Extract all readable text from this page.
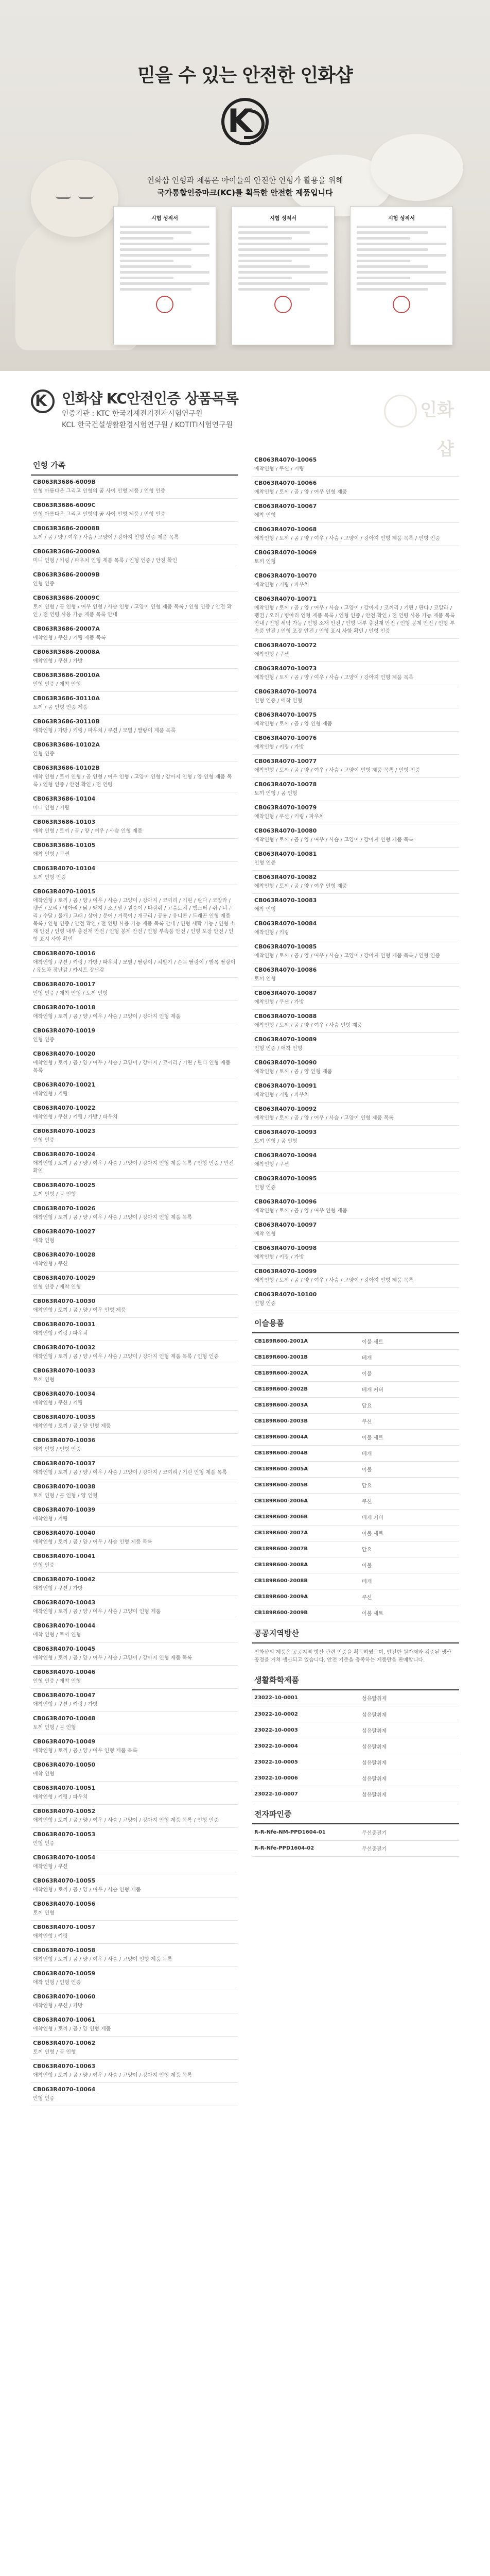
믿을 수 있는 안전한 인화샵
K
인화샵 인형과 제품은 아이들의 안전한 인형가 활용을 위해
국가통합인증마크(KC)를 획득한 안전한 제품입니다
시험 성적서	시험 성적서	시험 성적서
K
인화샵 KC안전인증 상품목록
인증기관 : KTC 한국기계전기전자시험연구원
KCL 한국건설생활환경시험연구원 / KOTITI시험연구원
인화샵
인형 가족
CB063R3686-6009B
인형 아름다운 그리고 인형의 꿈 사이 인형 제품 / 인형 인증
CB063R3686-6009C
인형 아름다운 그리고 인형의 꿈 사이 인형 제품 / 인형 인증
CB063R3686-20008B
토끼 / 곰 / 양 / 여우 / 사슴 / 고양이 / 강아지 인형 인증 제품 목록
CB063R3686-20009A
미니 인형 / 키링 / 파우치 인형 제품 목록 / 인형 인증 / 안전 확인
CB063R3686-20009B
인형 인증
CB063R3686-20009C
토끼 인형 / 곰 인형 / 여우 인형 / 사슴 인형 / 고양이 인형 제품 목록 / 인형 인증 / 안전 확인 / 전 연령 사용 가능 제품 목록 안내
CB063R3686-20007A
애착인형 / 쿠션 / 키링 제품 목록
CB063R3686-20008A
애착인형 / 쿠션 / 가방
CB063R3686-20010A
인형 인증 / 애착 인형
CB063R3686-30110A
토끼 / 곰 인형 인증 제품
CB063R3686-30110B
애착인형 / 가방 / 키링 / 파우치 / 쿠션 / 모빌 / 딸랑이 제품 목록
CB063R3686-10102A
인형 인증
CB063R3686-10102B
애착 인형 / 토끼 인형 / 곰 인형 / 여우 인형 / 고양이 인형 / 강아지 인형 / 양 인형 제품 목록 / 인형 인증 / 안전 확인 / 전 연령
CB063R3686-10104
미니 인형 / 키링
CB063R3686-10103
애착 인형 / 토끼 / 곰 / 양 / 여우 / 사슴 인형 제품
CB063R3686-10105
애착 인형 / 쿠션
CB063R4070-10104
토끼 인형 인증
CB063R4070-10015
애착인형 / 토끼 / 곰 / 양 / 여우 / 사슴 / 고양이 / 강아지 / 코끼리 / 기린 / 판다 / 코알라 / 펭귄 / 오리 / 병아리 / 닭 / 돼지 / 소 / 말 / 원숭이 / 다람쥐 / 고슴도치 / 햄스터 / 쥐 / 너구리 / 수달 / 물개 / 고래 / 상어 / 문어 / 거북이 / 개구리 / 공룡 / 유니콘 / 드래곤 인형 제품 목록 / 인형 인증 / 안전 확인 / 전 연령 사용 가능 제품 목록 안내 / 인형 세탁 가능 / 인형 소재 안전 / 인형 내부 충전재 안전 / 인형 봉제 안전 / 인형 부속품 안전 / 인형 포장 안전 / 인형 표시 사항 확인
CB063R4070-10016
애착인형 / 쿠션 / 키링 / 가방 / 파우치 / 모빌 / 딸랑이 / 치발기 / 손목 딸랑이 / 발목 딸랑이 / 유모차 장난감 / 카시트 장난감
CB063R4070-10017
인형 인증 / 애착 인형 / 토끼 인형
CB063R4070-10018
애착인형 / 토끼 / 곰 / 양 / 여우 / 사슴 / 고양이 / 강아지 인형 제품
CB063R4070-10019
인형 인증
CB063R4070-10020
애착인형 / 토끼 / 곰 / 양 / 여우 / 사슴 / 고양이 / 강아지 / 코끼리 / 기린 / 판다 인형 제품 목록
CB063R4070-10021
애착인형 / 키링
CB063R4070-10022
애착인형 / 쿠션 / 키링 / 가방 / 파우치
CB063R4070-10023
인형 인증
CB063R4070-10024
애착인형 / 토끼 / 곰 / 양 / 여우 / 사슴 / 고양이 / 강아지 인형 제품 목록 / 인형 인증 / 안전 확인
CB063R4070-10025
토끼 인형 / 곰 인형
CB063R4070-10026
애착인형 / 토끼 / 곰 / 양 / 여우 / 사슴 / 고양이 / 강아지 인형 제품 목록
CB063R4070-10027
애착 인형
CB063R4070-10028
애착인형 / 쿠션
CB063R4070-10029
인형 인증 / 애착 인형
CB063R4070-10030
애착인형 / 토끼 / 곰 / 양 / 여우 인형 제품
CB063R4070-10031
애착인형 / 키링 / 파우치
CB063R4070-10032
애착인형 / 토끼 / 곰 / 양 / 여우 / 사슴 / 고양이 / 강아지 인형 제품 목록 / 인형 인증
CB063R4070-10033
토끼 인형
CB063R4070-10034
애착인형 / 쿠션 / 키링
CB063R4070-10035
애착인형 / 토끼 / 곰 / 양 인형 제품
CB063R4070-10036
애착 인형 / 인형 인증
CB063R4070-10037
애착인형 / 토끼 / 곰 / 양 / 여우 / 사슴 / 고양이 / 강아지 / 코끼리 / 기린 인형 제품 목록
CB063R4070-10038
토끼 인형 / 곰 인형 / 양 인형
CB063R4070-10039
애착인형 / 키링
CB063R4070-10040
애착인형 / 토끼 / 곰 / 양 / 여우 / 사슴 인형 제품 목록
CB063R4070-10041
인형 인증
CB063R4070-10042
애착인형 / 쿠션 / 가방
CB063R4070-10043
애착인형 / 토끼 / 곰 / 양 / 여우 / 사슴 / 고양이 인형 제품
CB063R4070-10044
애착 인형 / 토끼 인형
CB063R4070-10045
애착인형 / 토끼 / 곰 / 양 / 여우 / 사슴 / 고양이 / 강아지 인형 제품 목록
CB063R4070-10046
인형 인증 / 애착 인형
CB063R4070-10047
애착인형 / 쿠션 / 키링 / 가방
CB063R4070-10048
토끼 인형 / 곰 인형
CB063R4070-10049
애착인형 / 토끼 / 곰 / 양 / 여우 인형 제품 목록
CB063R4070-10050
애착 인형
CB063R4070-10051
애착인형 / 키링 / 파우치
CB063R4070-10052
애착인형 / 토끼 / 곰 / 양 / 여우 / 사슴 / 고양이 / 강아지 인형 제품 목록 / 인형 인증
CB063R4070-10053
인형 인증
CB063R4070-10054
애착인형 / 쿠션
CB063R4070-10055
애착인형 / 토끼 / 곰 / 양 / 여우 / 사슴 인형 제품
CB063R4070-10056
토끼 인형
CB063R4070-10057
애착인형 / 키링
CB063R4070-10058
애착인형 / 토끼 / 곰 / 양 / 여우 / 사슴 / 고양이 인형 제품 목록
CB063R4070-10059
애착 인형 / 인형 인증
CB063R4070-10060
애착인형 / 쿠션 / 가방
CB063R4070-10061
애착인형 / 토끼 / 곰 / 양 인형 제품
CB063R4070-10062
토끼 인형 / 곰 인형
CB063R4070-10063
애착인형 / 토끼 / 곰 / 양 / 여우 / 사슴 / 고양이 / 강아지 인형 제품 목록
CB063R4070-10064
인형 인증
CB063R4070-10065
애착인형 / 쿠션 / 키링
CB063R4070-10066
애착인형 / 토끼 / 곰 / 양 / 여우 인형 제품
CB063R4070-10067
애착 인형
CB063R4070-10068
애착인형 / 토끼 / 곰 / 양 / 여우 / 사슴 / 고양이 / 강아지 인형 제품 목록 / 인형 인증
CB063R4070-10069
토끼 인형
CB063R4070-10070
애착인형 / 키링 / 파우치
CB063R4070-10071
애착인형 / 토끼 / 곰 / 양 / 여우 / 사슴 / 고양이 / 강아지 / 코끼리 / 기린 / 판다 / 코알라 / 펭귄 / 오리 / 병아리 인형 제품 목록 / 인형 인증 / 안전 확인 / 전 연령 사용 가능 제품 목록 안내 / 인형 세탁 가능 / 인형 소재 안전 / 인형 내부 충전재 안전 / 인형 봉제 안전 / 인형 부속품 안전 / 인형 포장 안전 / 인형 표시 사항 확인 / 인형 인증
CB063R4070-10072
애착인형 / 쿠션
CB063R4070-10073
애착인형 / 토끼 / 곰 / 양 / 여우 / 사슴 / 고양이 / 강아지 인형 제품 목록
CB063R4070-10074
인형 인증 / 애착 인형
CB063R4070-10075
애착인형 / 토끼 / 곰 / 양 인형 제품
CB063R4070-10076
애착인형 / 키링 / 가방
CB063R4070-10077
애착인형 / 토끼 / 곰 / 양 / 여우 / 사슴 / 고양이 인형 제품 목록 / 인형 인증
CB063R4070-10078
토끼 인형 / 곰 인형
CB063R4070-10079
애착인형 / 쿠션 / 키링 / 파우치
CB063R4070-10080
애착인형 / 토끼 / 곰 / 양 / 여우 / 사슴 / 고양이 / 강아지 인형 제품 목록
CB063R4070-10081
인형 인증
CB063R4070-10082
애착인형 / 토끼 / 곰 / 양 / 여우 인형 제품
CB063R4070-10083
애착 인형
CB063R4070-10084
애착인형 / 키링
CB063R4070-10085
애착인형 / 토끼 / 곰 / 양 / 여우 / 사슴 / 고양이 / 강아지 인형 제품 목록 / 인형 인증
CB063R4070-10086
토끼 인형
CB063R4070-10087
애착인형 / 쿠션 / 가방
CB063R4070-10088
애착인형 / 토끼 / 곰 / 양 / 여우 / 사슴 인형 제품
CB063R4070-10089
인형 인증 / 애착 인형
CB063R4070-10090
애착인형 / 토끼 / 곰 / 양 인형 제품
CB063R4070-10091
애착인형 / 키링 / 파우치
CB063R4070-10092
애착인형 / 토끼 / 곰 / 양 / 여우 / 사슴 / 고양이 인형 제품 목록
CB063R4070-10093
토끼 인형 / 곰 인형
CB063R4070-10094
애착인형 / 쿠션
CB063R4070-10095
인형 인증
CB063R4070-10096
애착인형 / 토끼 / 곰 / 양 / 여우 인형 제품
CB063R4070-10097
애착 인형
CB063R4070-10098
애착인형 / 키링 / 가방
CB063R4070-10099
애착인형 / 토끼 / 곰 / 양 / 여우 / 사슴 / 고양이 / 강아지 인형 제품 목록
CB063R4070-10100
인형 인증
이슬용품
CB189R600-2001A	이불 세트
CB189R600-2001B	베개
CB189R600-2002A	이불
CB189R600-2002B	베개 커버
CB189R600-2003A	담요
CB189R600-2003B	쿠션
CB189R600-2004A	이불 세트
CB189R600-2004B	베개
CB189R600-2005A	이불
CB189R600-2005B	담요
CB189R600-2006A	쿠션
CB189R600-2006B	베개 커버
CB189R600-2007A	이불 세트
CB189R600-2007B	담요
CB189R600-2008A	이불
CB189R600-2008B	베개
CB189R600-2009A	쿠션
CB189R600-2009B	이불 세트
공공지역방산
인화샵의 제품은 공공지역 방산 관련 인증을 획득하였으며, 안전한 원자재와 검증된 생산 공정을 거쳐 생산되고 있습니다. 안전 기준을 충족하는 제품만을 판매합니다.
생활화학제품
23022-10-0001	섬유탈취제
23022-10-0002	섬유탈취제
23022-10-0003	섬유탈취제
23022-10-0004	섬유탈취제
23022-10-0005	섬유탈취제
23022-10-0006	섬유탈취제
23022-10-0007	섬유탈취제
전자파인증
R-R-Nfe-NM-PPD1604-01	무선충전기
R-R-Nfe-PPD1604-02	무선충전기
